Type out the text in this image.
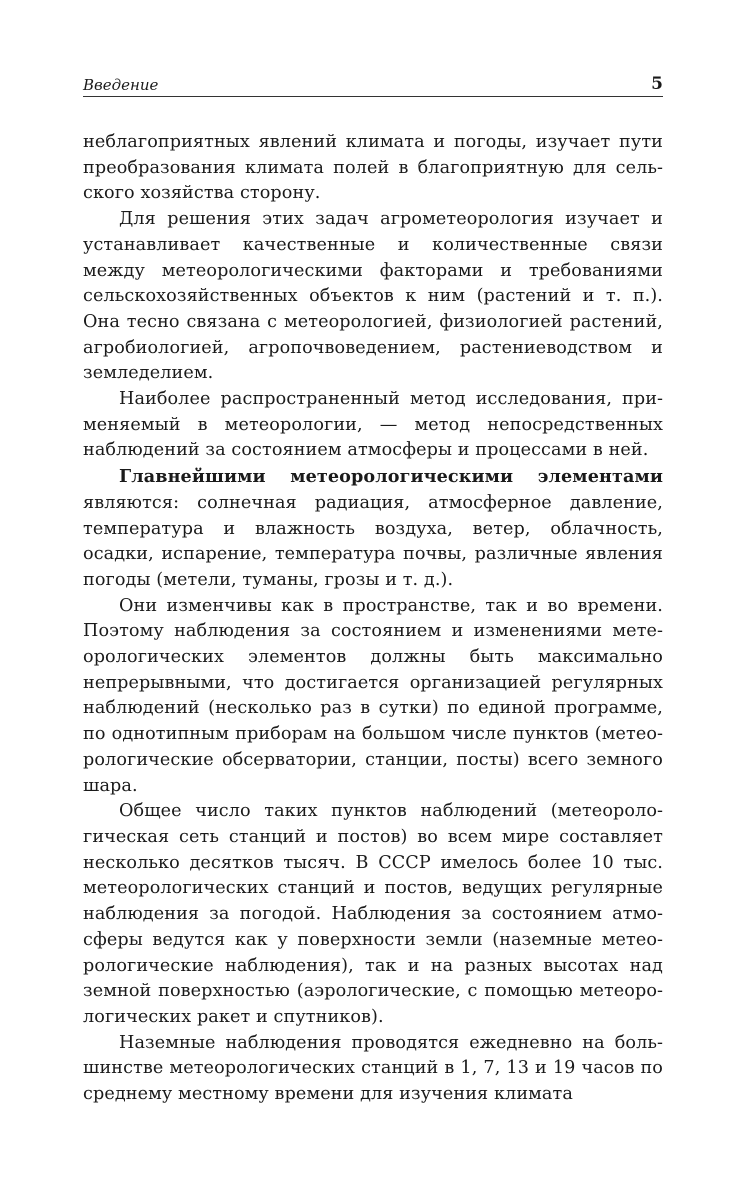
Введение	5

неблагоприятных явлений климата и погоды, изучает пути преобразования климата полей в благоприятную для сельского хозяйства сторону.

Для решения этих задач агрометеорология изучает и устанавливает качественные и количественные связи между метеорологическими факторами и требованиями сельскохозяйственных объектов к ним (растений и т. п.). Она тесно связана с метеорологией, физиологией растений, агробиологией, агропочвоведением, растениеводством и земледелием.

Наиболее распространенный метод исследования, применяемый в метеорологии, — метод непосредственных наблюдений за состоянием атмосферы и процессами в ней.

Главнейшими метеорологическими элементами являются: солнечная радиация, атмосферное давление, температура и влажность воздуха, ветер, облачность, осадки, испарение, температура почвы, различные явления погоды (метели, туманы, грозы и т. д.).

Они изменчивы как в пространстве, так и во времени. Поэтому наблюдения за состоянием и изменениями метеорологических элементов должны быть максимально непрерывными, что достигается организацией регулярных наблюдений (несколько раз в сутки) по единой программе, по однотипным приборам на большом числе пунктов (метеорологические обсерватории, станции, посты) всего земного шара.

Общее число таких пунктов наблюдений (метеорологическая сеть станций и постов) во всем мире составляет несколько десятков тысяч. В СССР имелось более 10 тыс. метеорологических станций и постов, ведущих регулярные наблюдения за погодой. Наблюдения за состоянием атмосферы ведутся как у поверхности земли (наземные метеорологические наблюдения), так и на разных высотах над земной поверхностью (аэрологические, с помощью метеорологических ракет и спутников).

Наземные наблюдения проводятся ежедневно на большинстве метеорологических станций в 1, 7, 13 и 19 часов по среднему местному времени для изучения климата
